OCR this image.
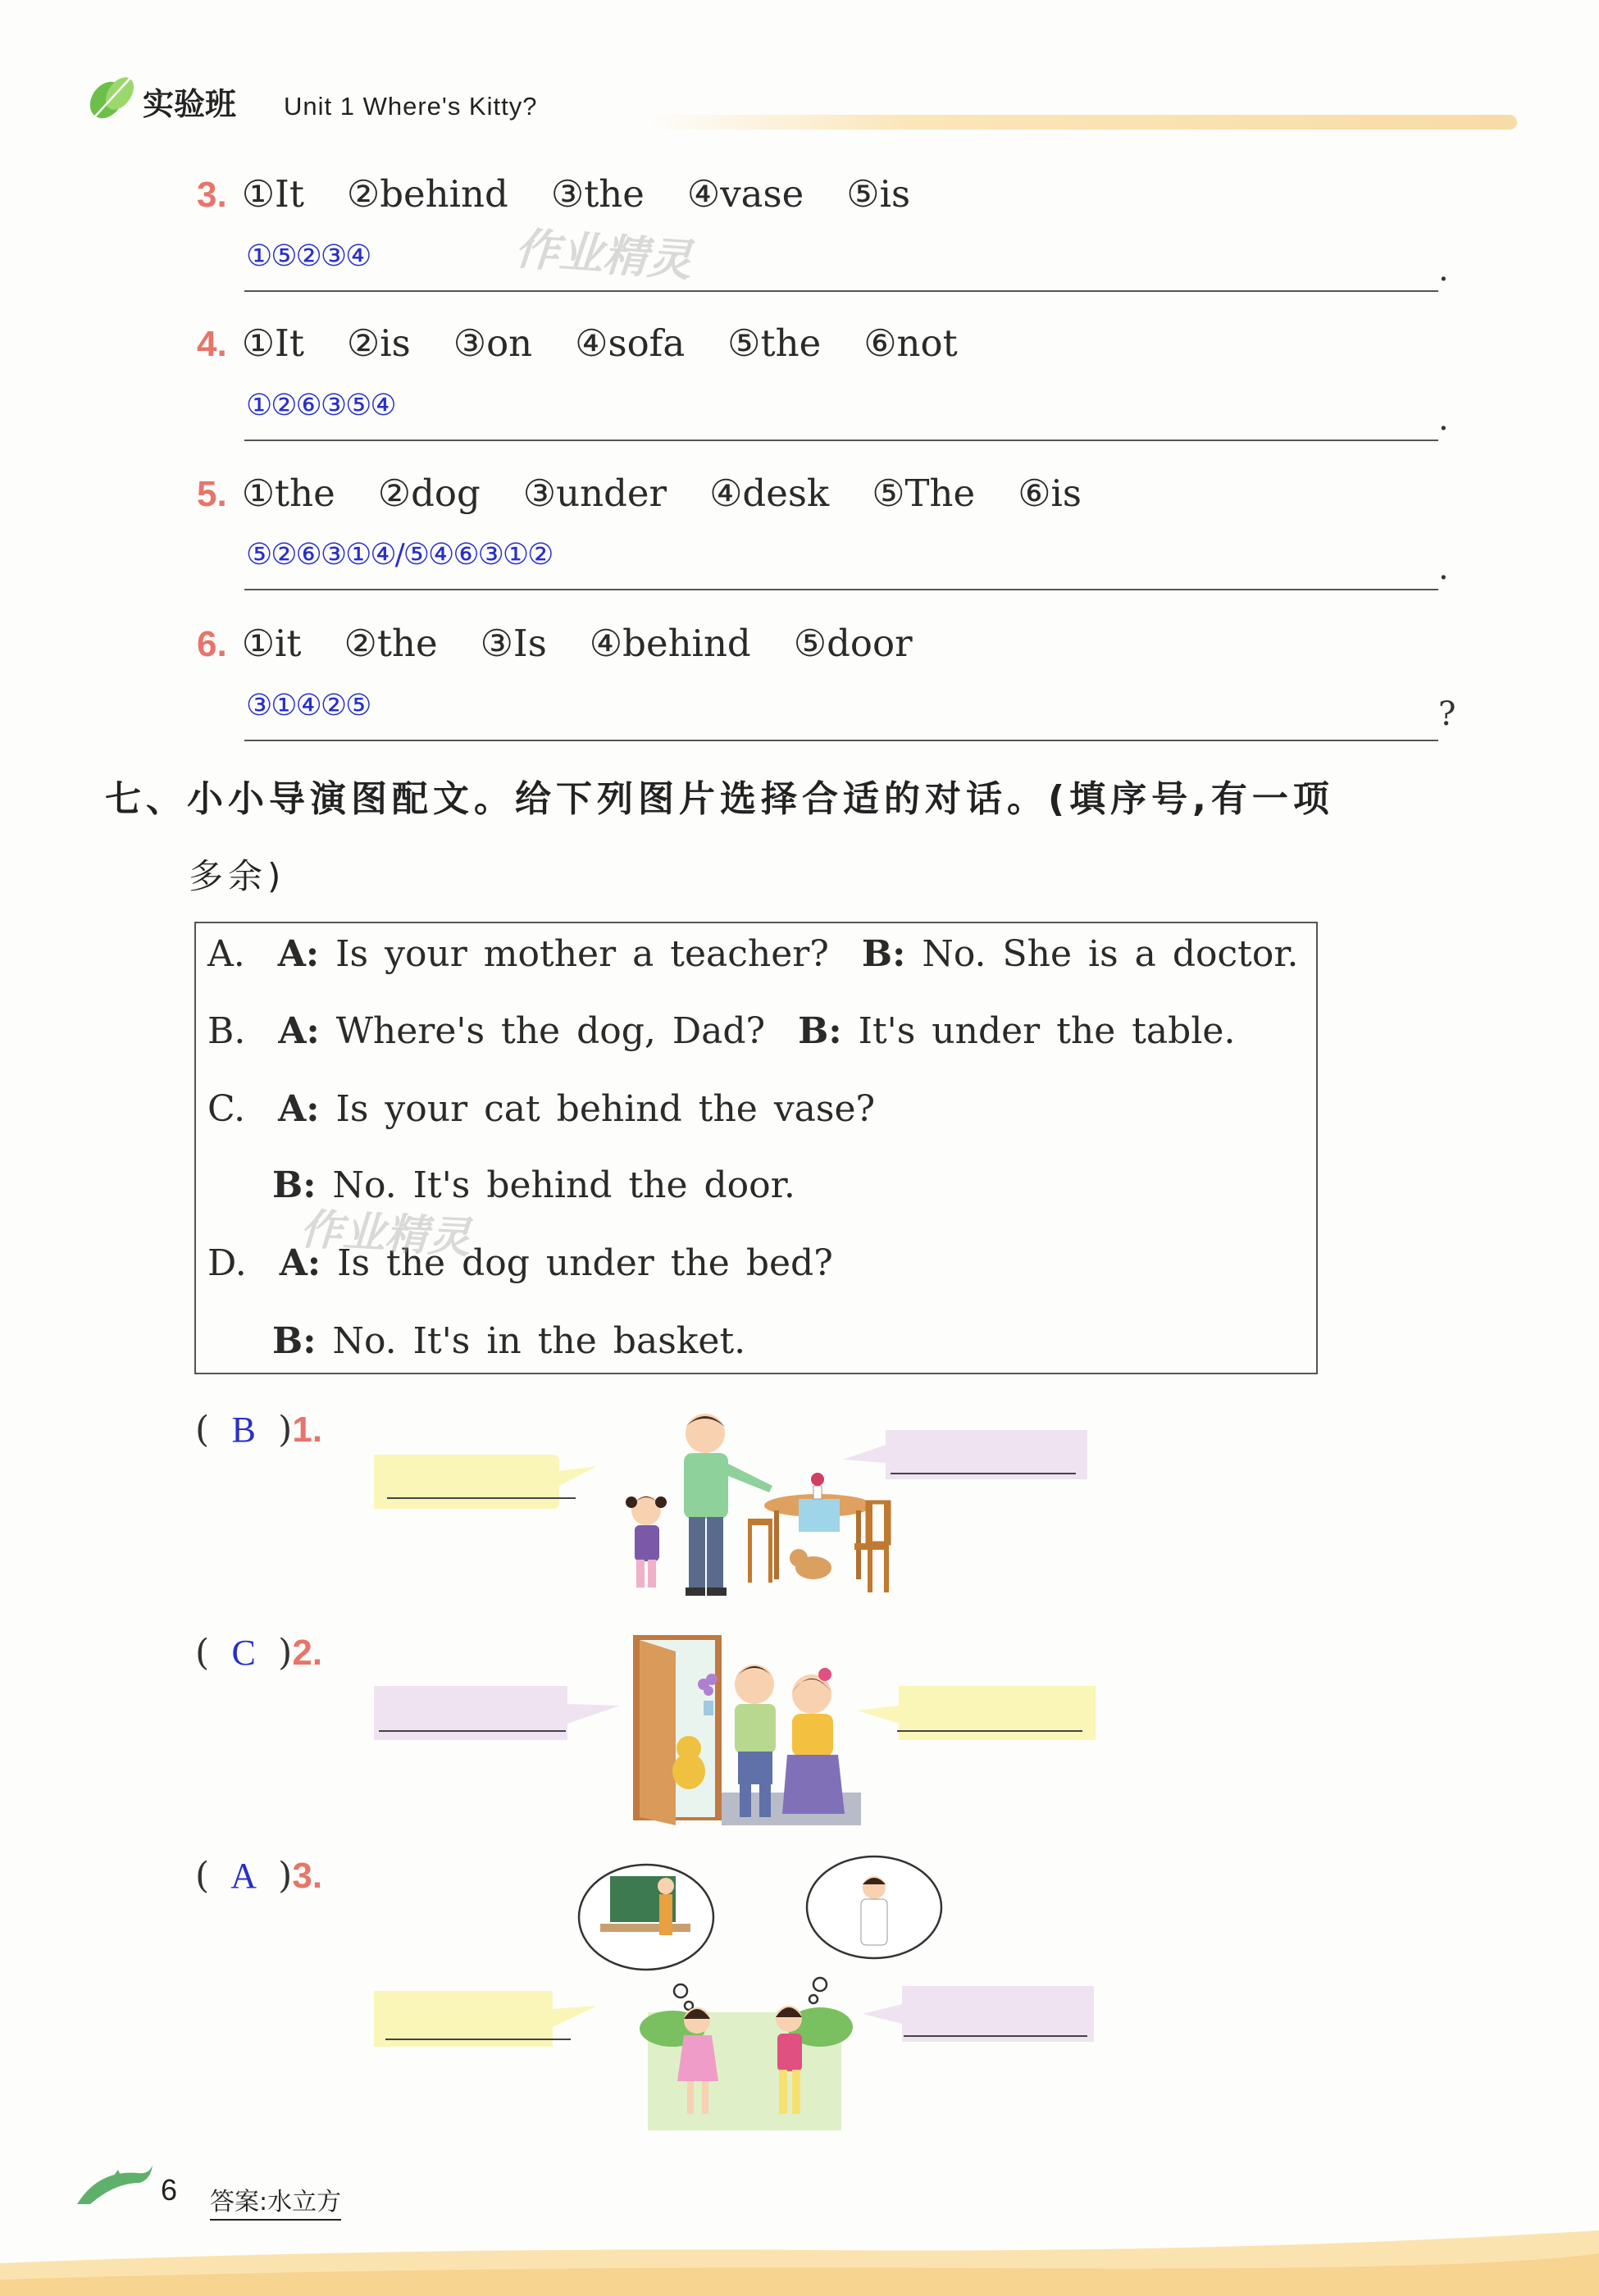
实验班 Unit 1 Where's Kitty?
3. ①It ②behind ③the ④vase ⑤is
①⑤②③④	.
4. ①It ②is ③on ④sofa ⑤the ⑥not
①②⑥③⑤④	.
5. ①the ②dog ③under ④desk ⑤The ⑥is
⑤②⑥③①④/⑤④⑥③①②	.
6. ①it ②the ③Is ④behind ⑤door
③①④②⑤	?
作业精灵
七、小小导演图配文。给下列图片选择合适的对话。(填序号,有一项
多余)
A. A: Is your mother a teacher? B: No. She is a doctor.
B. A: Where's the dog, Dad? B: It's under the table.
C. A: Is your cat behind the vase?
B: No. It's behind the door.
D. A: Is the dog under the bed?
B: No. It's in the basket.
作业精灵
( B )1.
( C )2.
( A )3.
6 答案:水立方
